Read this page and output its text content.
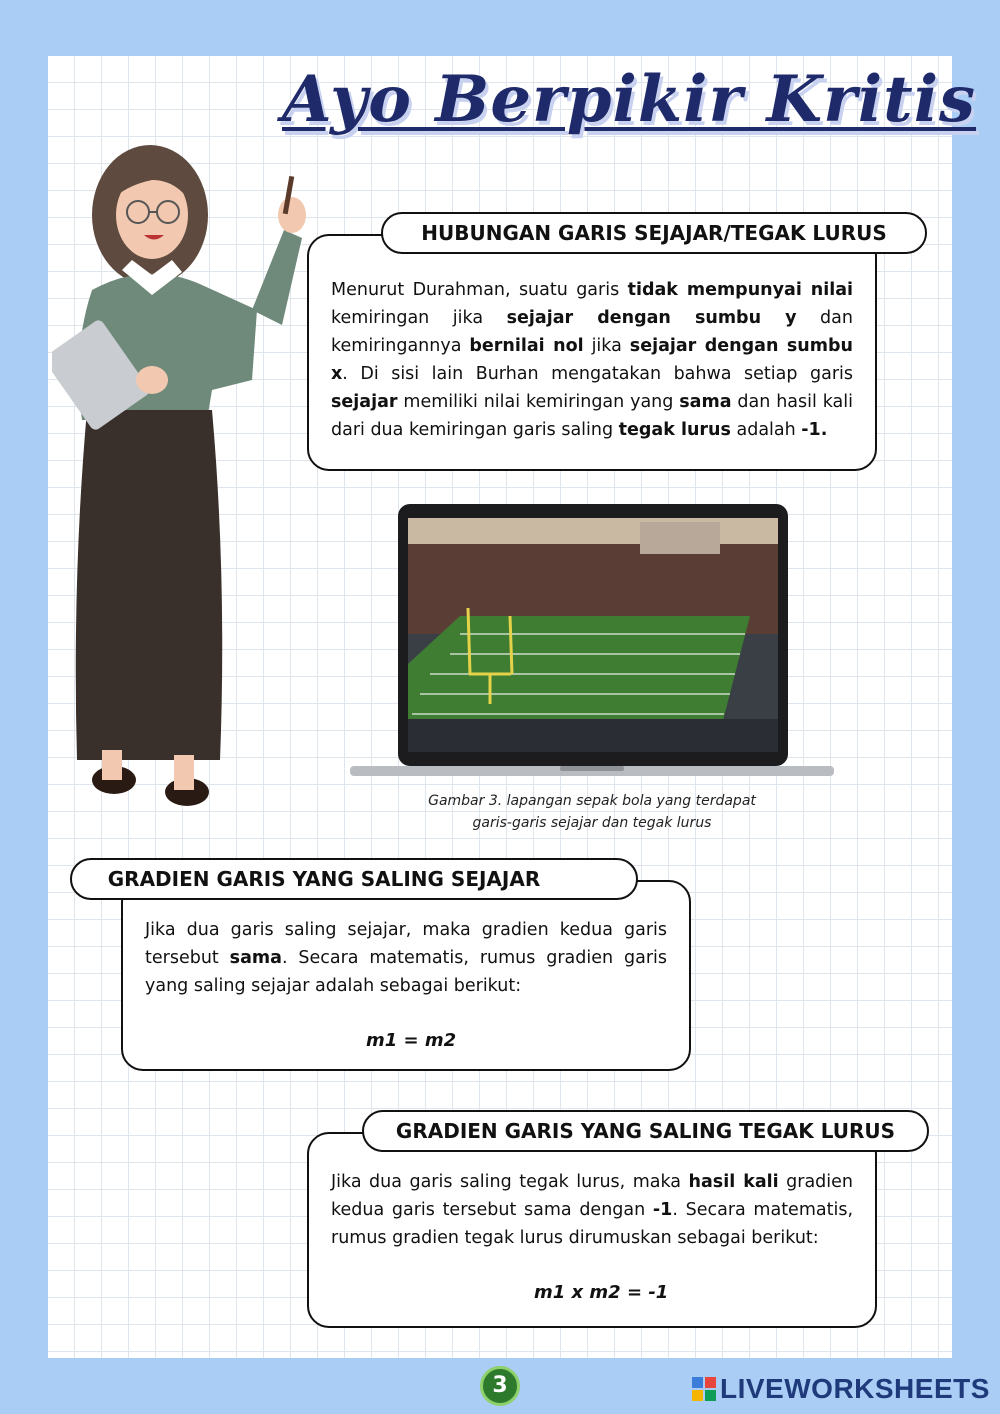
Ayo Berpikir Kritis
HUBUNGAN GARIS SEJAJAR/TEGAK LURUS
Menurut Durahman, suatu garis tidak mempunyai nilai kemiringan jika sejajar dengan sumbu y dan kemiringannya bernilai nol jika sejajar dengan sumbu x. Di sisi lain Burhan mengatakan bahwa setiap garis sejajar memiliki nilai kemiringan yang sama dan hasil kali dari dua kemiringan garis saling tegak lurus adalah -1.
Gambar 3. lapangan sepak bola yang terdapat
garis-garis sejajar dan tegak lurus
GRADIEN GARIS YANG SALING SEJAJAR
Jika dua garis saling sejajar, maka gradien kedua garis tersebut sama. Secara matematis, rumus gradien garis yang saling sejajar adalah sebagai berikut:
m1 = m2
GRADIEN GARIS YANG SALING TEGAK LURUS
Jika dua garis saling tegak lurus, maka hasil kali gradien kedua garis tersebut sama dengan -1. Secara matematis, rumus gradien tegak lurus dirumuskan sebagai berikut:
m1 x m2 = -1
3	LIVEWORKSHEETS
